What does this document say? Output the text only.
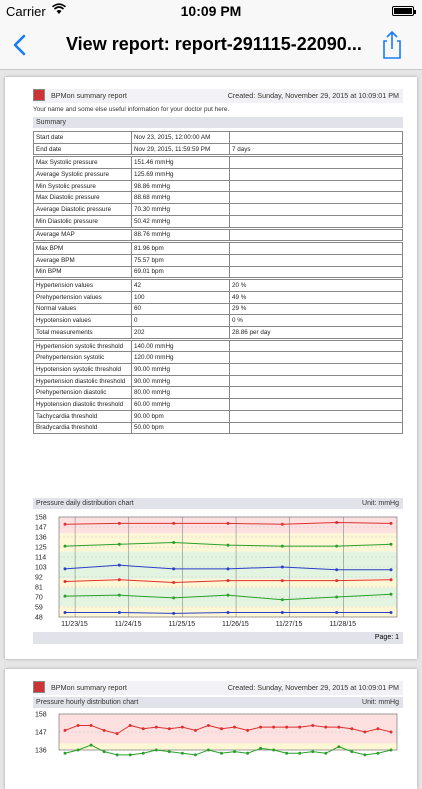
Carrier	10:09 PM
View report: report-291115-22090...
BPMon summary report	Created: Sunday, November 29, 2015 at 10:09:01 PM
Your name and some else useful information for your doctor put here.
Summary
Start date	Nov 23, 2015, 12:00:00 AM	
End date	Nov 29, 2015, 11:59:59 PM	7 days

Max Systolic pressure	151.46 mmHg	
Average Systolic pressure	125.69 mmHg	
Min Systolic pressure	98.86 mmHg	
Max Diastolic pressure	88.68 mmHg	
Average Diastolic pressure	70.30 mmHg	
Min Diastolic pressure	50.42 mmHg	

Average MAP	88.76 mmHg	

Max BPM	81.96 bpm	
Average BPM	75.57 bpm	
Min BPM	69.01 bpm	

Hypertension values	42	20 %
Prehypertension values	100	49 %
Normal values	60	29 %
Hypotension values	0	0 %
Total measurements	202	28.86 per day

Hypertension systolic threshold	140.00 mmHg	
Prehypertension systolic	120.00 mmHg	
Hypotension systolic threshold	90.00 mmHg	
Hypertension diastolic threshold	90.00 mmHg	
Prehypertension diastolic	80.00 mmHg	
Hypotension diastolic threshold	60.00 mmHg	
Tachycardia threshold	90.00 bpm	
Bradycardia threshold	50.00 bpm	
Pressure daily distribution chart	Unit: mmHg
48
59
70
81
92
103
114
125
136
147
158
11/23/15	11/24/15	11/25/15	11/26/15	11/27/15	11/28/15
Page: 1
BPMon summary report	Created: Sunday, November 29, 2015 at 10:09:01 PM
Pressure hourly distribution chart	Unit: mmHg
136
147
158
